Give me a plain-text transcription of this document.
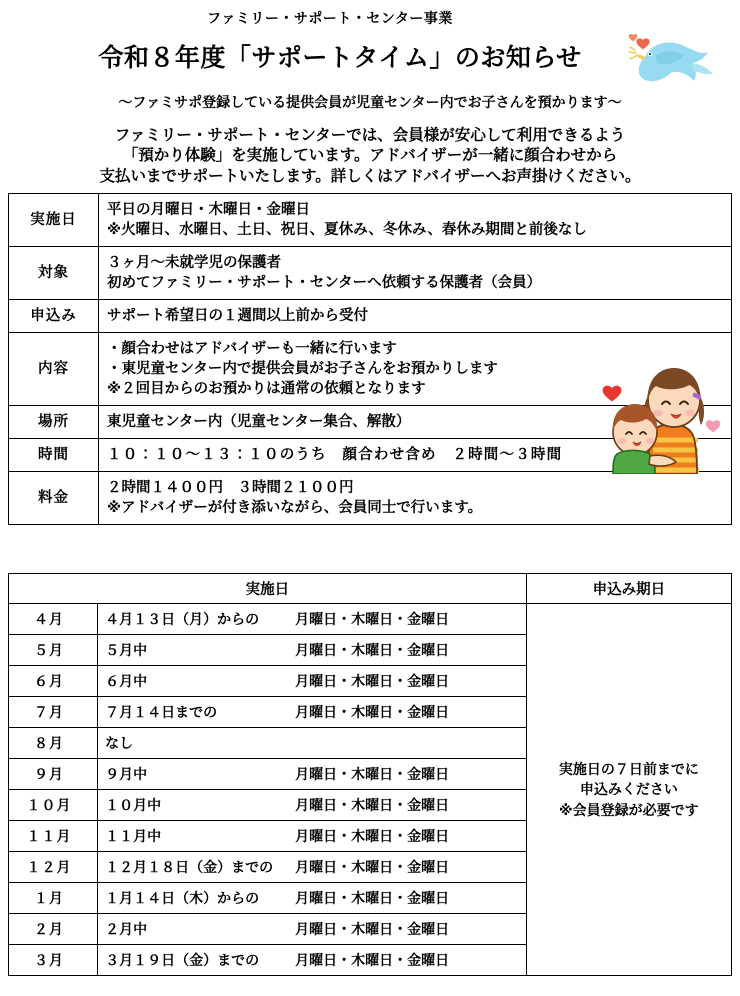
ファミリー・サポート・センター事業
令和８年度「サポートタイム」のお知らせ
～ファミサポ登録している提供会員が児童センター内でお子さんを預かります～
ファミリー・サポート・センターでは、会員様が安心して利用できるよう
「預かり体験」を実施しています。アドバイザーが一緒に顔合わせから
支払いまでサポートいたします。詳しくはアドバイザーへお声掛けください。
実施日	平日の月曜日・木曜日・金曜日
※火曜日、水曜日、土日、祝日、夏休み、冬休み、春休み期間と前後なし

対象	３ヶ月～未就学児の保護者
初めてファミリー・サポート・センターへ依頼する保護者（会員）

申込み	サポート希望日の１週間以上前から受付

内容	・顔合わせはアドバイザーも一緒に行います
・東児童センター内で提供会員がお子さんをお預かりします
※２回目からのお預かりは通常の依頼となります

場所	東児童センター内（児童センター集合、解散）

時間	１０：１０～１３：１０のうち　顔合わせ含め　２時間～３時間

料金	２時間１４００円　３時間２１００円
※アドバイザーが付き添いながら、会員同士で行います。
実施日		申込み期日
４月	４月１３日（月）からの 月曜日・木曜日・金曜日	実施日の７日前までに
申込みください
※会員登録が必要です

５月	５月中 月曜日・木曜日・金曜日	
６月	６月中 月曜日・木曜日・金曜日	
７月	７月１４日までの 月曜日・木曜日・金曜日	
８月	なし	
９月	９月中 月曜日・木曜日・金曜日	
１０月	１０月中 月曜日・木曜日・金曜日	
１１月	１１月中 月曜日・木曜日・金曜日	
１２月	１２月１８日（金）までの 月曜日・木曜日・金曜日	
１月	１月１４日（木）からの 月曜日・木曜日・金曜日	
２月	２月中 月曜日・木曜日・金曜日	
３月	３月１９日（金）までの 月曜日・木曜日・金曜日	
